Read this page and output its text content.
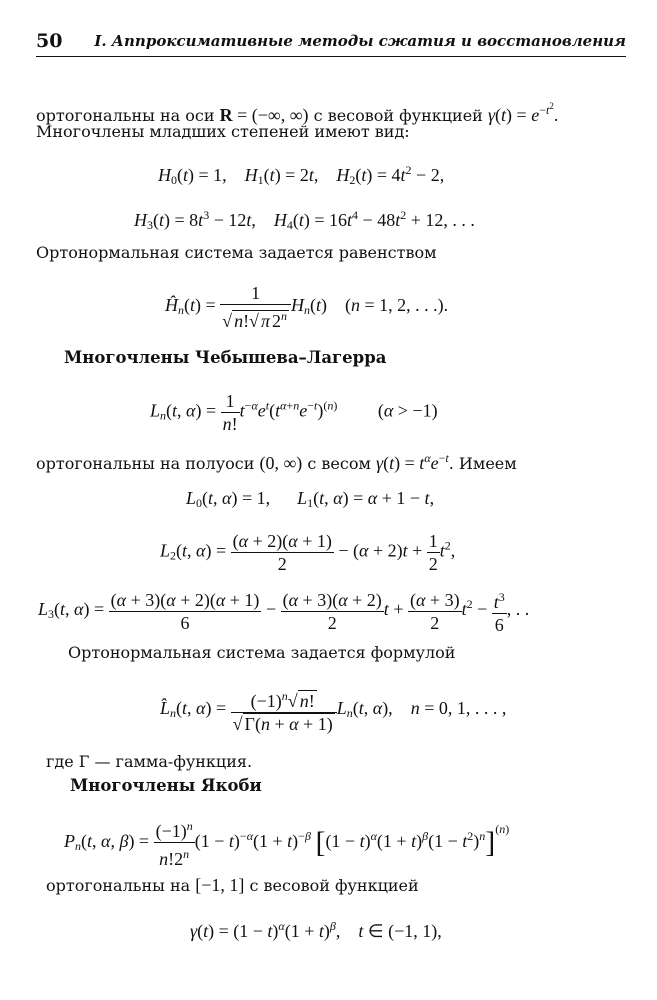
50 I. Аппроксимативные методы сжатия и восстановления
ортогональны на оси R = (−∞, ∞) с весовой функцией $\gamma(t) = e^{-t^2}$.
Многочлены младших степеней имеют вид:
$H_0(t) = 1$,    $H_1(t) = 2t$,    $H_2(t) = 4t^2 - 2$,
$H_3(t) = 8t^3 - 12t$,    $H_4(t) = 16t^4 - 48t^2 + 12$, . . .
Ортонормальная система задается равенством
$Ĥ_n(t) = \frac{1}{√ n!√ \pi 2^n} H_n(t)$    (n = 1, 2, . . .).
Многочлены Чебышева–Лагерра
$L_n(t$, $\alpha) = \frac{1}{n!} t^{-\alpha}e^t(t^{\alpha+n}e^{-t})^{(n)}$         (α > −1)
ортогональны на полуоси (0, ∞) с весом $\gamma(t) = t^\alpha e^{-t}$. Имеем
$L_0(t$, α) = 1,      $L_1(t$, α) = α + 1 − t,
$L_2(t$, $\alpha) = \frac{(\alpha + 2)(\alpha + 1)}{2} - (\alpha + 2)t + \frac{1}{2} t^2$,
$L_3(t$, $\alpha) = \frac{(\alpha + 3)(\alpha + 2)(\alpha + 1)}{6} - \frac{(\alpha + 3)(\alpha + 2)}{2}$ $t + \frac{(\alpha + 3)}{2} t^2 - \frac{t^3}{6}$ , . .
Ортонормальная система задается формулой
$L̂_n(t$, $\alpha) = \frac{(-1)^n√ n!}{√ \Gamma(n + \alpha + 1)} L_n(t$, α),    n = 0, 1, . . . ,
где Г — гамма-функция.
Многочлены Якоби
$P_n(t$, α, $\beta) = \frac{(-1)^n}{n!2^n} (1 - t)^{-\alpha}(1 + t)^{-\beta}$ $[(1 - t)^\alpha(1 + t)^\beta(1 - t^2)^n]^{(n)}$
ортогональны на [−1, 1] с весовой функцией
$\gamma(t) = (1 - t)^\alpha(1 + t)^\beta$,    t ∈ (−1, 1),
